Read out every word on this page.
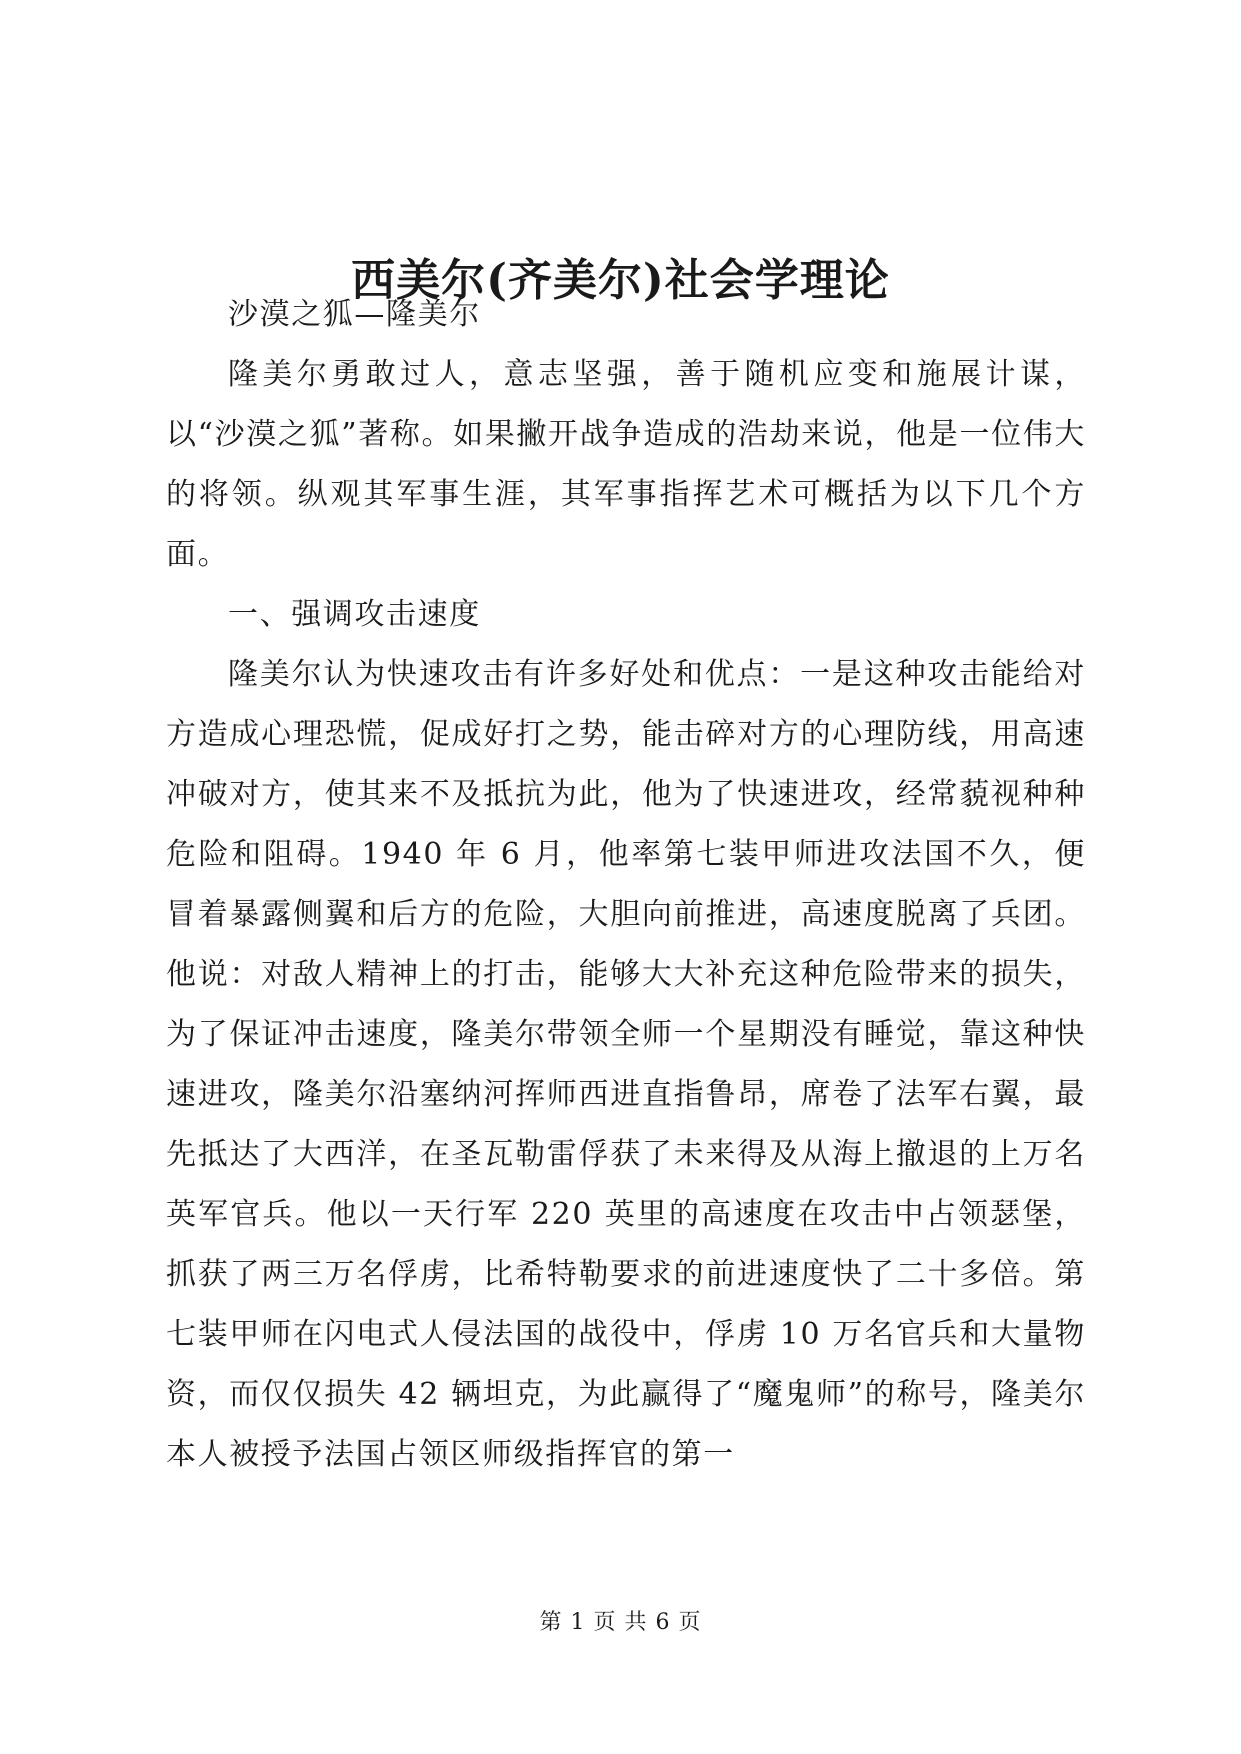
西美尔(齐美尔)社会学理论

沙漠之狐—隆美尔

隆美尔勇敢过人，意志坚强，善于随机应变和施展计谋，以“沙漠之狐”著称。如果撇开战争造成的浩劫来说，他是一位伟大的将领。纵观其军事生涯，其军事指挥艺术可概括为以下几个方面。

一、强调攻击速度

隆美尔认为快速攻击有许多好处和优点：一是这种攻击能给对方造成心理恐慌，促成好打之势，能击碎对方的心理防线，用高速冲破对方，使其来不及抵抗为此，他为了快速进攻，经常藐视种种危险和阻碍。1940 年 6 月，他率第七装甲师进攻法国不久，便冒着暴露侧翼和后方的危险，大胆向前推进，高速度脱离了兵团。他说：对敌人精神上的打击，能够大大补充这种危险带来的损失，为了保证冲击速度，隆美尔带领全师一个星期没有睡觉，靠这种快速进攻，隆美尔沿塞纳河挥师西进直指鲁昂，席卷了法军右翼，最先抵达了大西洋，在圣瓦勒雷俘获了未来得及从海上撤退的上万名英军官兵。他以一天行军 220 英里的高速度在攻击中占领瑟堡，抓获了两三万名俘虏，比希特勒要求的前进速度快了二十多倍。第七装甲师在闪电式人侵法国的战役中，俘虏 10 万名官兵和大量物资，而仅仅损失 42 辆坦克，为此赢得了“魔鬼师”的称号，隆美尔本人被授予法国占领区师级指挥官的第一

第 1 页 共 6 页
